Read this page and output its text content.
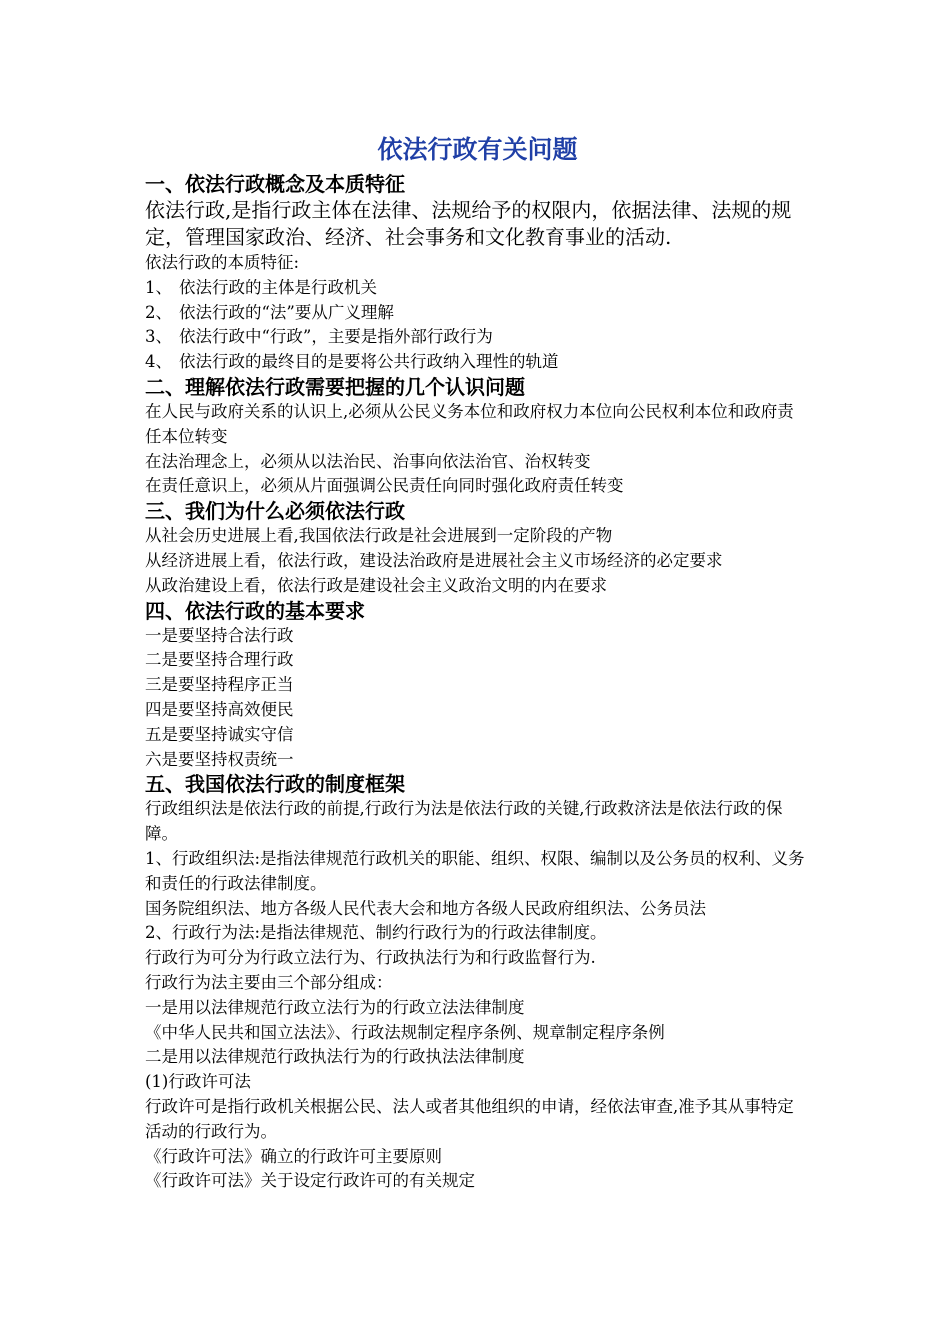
依法行政有关问题
一、依法行政概念及本质特征

依法行政,是指行政主体在法律、法规给予的权限内，依据法律、法规的规定，管理国家政治、经济、社会事务和文化教育事业的活动.

依法行政的本质特征:

1、 依法行政的主体是行政机关

2、 依法行政的“法”要从广义理解

3、 依法行政中“行政”，主要是指外部行政行为

4、 依法行政的最终目的是要将公共行政纳入理性的轨道

二、理解依法行政需要把握的几个认识问题

在人民与政府关系的认识上,必须从公民义务本位和政府权力本位向公民权利本位和政府责任本位转变

在法治理念上，必须从以法治民、治事向依法治官、治权转变

在责任意识上，必须从片面强调公民责任向同时强化政府责任转变

三、我们为什么必须依法行政

从社会历史进展上看,我国依法行政是社会进展到一定阶段的产物

从经济进展上看，依法行政，建设法治政府是进展社会主义市场经济的必定要求

从政治建设上看，依法行政是建设社会主义政治文明的内在要求

四、依法行政的基本要求

一是要坚持合法行政

二是要坚持合理行政

三是要坚持程序正当

四是要坚持高效便民

五是要坚持诚实守信

六是要坚持权责统一

五、我国依法行政的制度框架

行政组织法是依法行政的前提,行政行为法是依法行政的关键,行政救济法是依法行政的保障。

1、行政组织法:是指法律规范行政机关的职能、组织、权限、编制以及公务员的权利、义务和责任的行政法律制度。

国务院组织法、地方各级人民代表大会和地方各级人民政府组织法、公务员法

2、行政行为法:是指法律规范、制约行政行为的行政法律制度。

行政行为可分为行政立法行为、行政执法行为和行政监督行为.

行政行为法主要由三个部分组成：

一是用以法律规范行政立法行为的行政立法法律制度

《中华人民共和国立法法》、行政法规制定程序条例、规章制定程序条例

二是用以法律规范行政执法行为的行政执法法律制度

(1)行政许可法

行政许可是指行政机关根据公民、法人或者其他组织的申请，经依法审查,准予其从事特定活动的行政行为。

《行政许可法》确立的行政许可主要原则

《行政许可法》关于设定行政许可的有关规定
